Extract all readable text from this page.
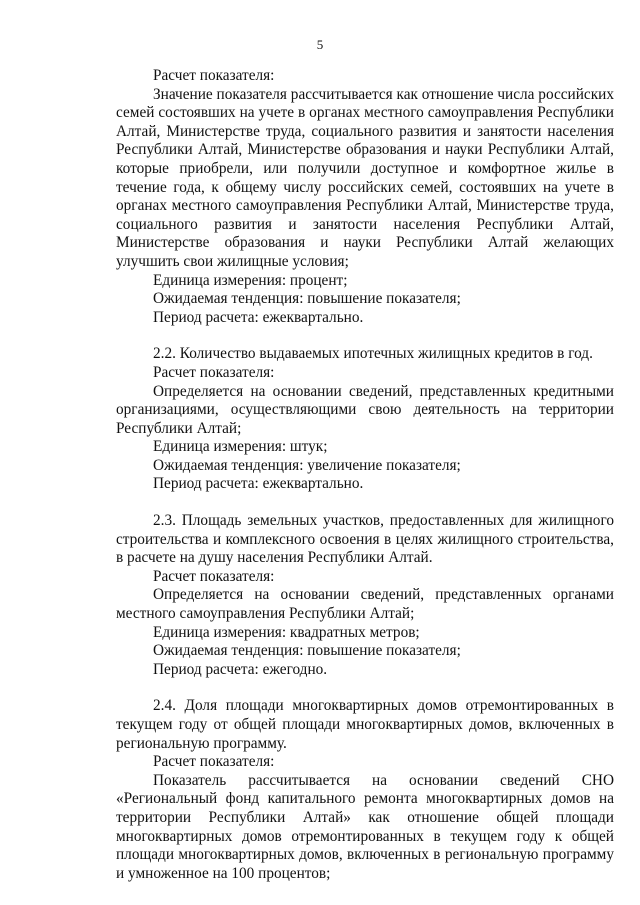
5

Расчет показателя:

Значение показателя рассчитывается как отношение числа российских семей состоявших на учете в органах местного самоуправления Республики Алтай, Министерстве труда, социального развития и занятости населения Республики Алтай, Министерстве образования и науки Республики Алтай, которые приобрели, или получили доступное и комфортное жилье в течение года, к общему числу российских семей, состоявших на учете в органах местного самоуправления Республики Алтай, Министерстве труда, социального развития и занятости населения Республики Алтай, Министерстве образования и науки Республики Алтай желающих улучшить свои жилищные условия;

Единица измерения: процент;

Ожидаемая тенденция: повышение показателя;

Период расчета: ежеквартально.

2.2. Количество выдаваемых ипотечных жилищных кредитов в год.

Расчет показателя:

Определяется на основании сведений, представленных кредитными организациями, осуществляющими свою деятельность на территории Республики Алтай;

Единица измерения: штук;

Ожидаемая тенденция: увеличение показателя;

Период расчета: ежеквартально.

2.3. Площадь земельных участков, предоставленных для жилищного строительства и комплексного освоения в целях жилищного строительства, в расчете на душу населения Республики Алтай.

Расчет показателя:

Определяется на основании сведений, представленных органами местного самоуправления Республики Алтай;

Единица измерения: квадратных метров;

Ожидаемая тенденция: повышение показателя;

Период расчета: ежегодно.

2.4. Доля площади многоквартирных домов отремонтированных в текущем году от общей площади многоквартирных домов, включенных в региональную программу.

Расчет показателя:

Показатель рассчитывается на основании сведений СНО «Региональный фонд капитального ремонта многоквартирных домов на территории Республики Алтай» как отношение общей площади многоквартирных домов отремонтированных в текущем году к общей площади многоквартирных домов, включенных в региональную программу и умноженное на 100 процентов;
